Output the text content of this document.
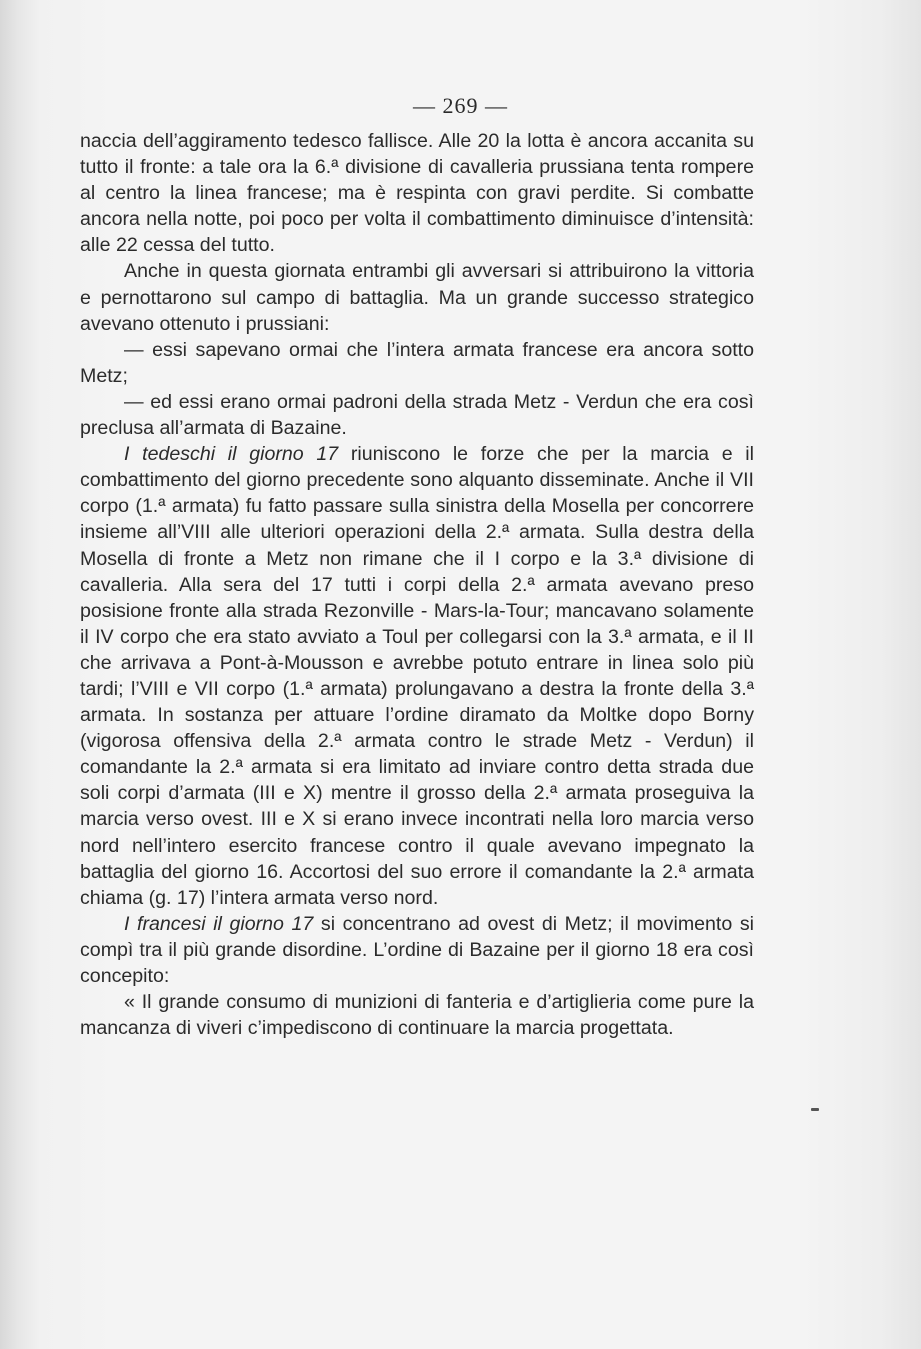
— 269 —

naccia dell’aggiramento tedesco fallisce. Alle 20 la lotta è ancora accanita su tutto il fronte: a tale ora la 6.ª divisione di cavalleria prussiana tenta rompere al centro la linea francese; ma è respinta con gravi perdite. Si combatte ancora nella notte, poi poco per volta il combattimento diminuisce d’intensità: alle 22 cessa del tutto.

Anche in questa giornata entrambi gli avversari si attribuirono la vittoria e pernottarono sul campo di battaglia. Ma un grande successo strategico avevano ottenuto i prussiani:

— essi sapevano ormai che l’intera armata francese era ancora sotto Metz;

— ed essi erano ormai padroni della strada Metz - Verdun che era così preclusa all’armata di Bazaine.

I tedeschi il giorno 17 riuniscono le forze che per la marcia e il combattimento del giorno precedente sono alquanto disseminate. Anche il VII corpo (1.ª armata) fu fatto passare sulla sinistra della Mosella per concorrere insieme all’VIII alle ulteriori operazioni della 2.ª armata. Sulla destra della Mosella di fronte a Metz non rimane che il I corpo e la 3.ª divisione di cavalleria. Alla sera del 17 tutti i corpi della 2.ª armata avevano preso posisione fronte alla strada Rezonville - Mars-la-Tour; mancavano solamente il IV corpo che era stato avviato a Toul per collegarsi con la 3.ª armata, e il II che arrivava a Pont-à-Mousson e avrebbe potuto entrare in linea solo più tardi; l’VIII e VII corpo (1.ª armata) prolungavano a destra la fronte della 3.ª armata. In sostanza per attuare l’ordine diramato da Moltke dopo Borny (vigorosa offensiva della 2.ª armata contro le strade Metz - Verdun) il comandante la 2.ª armata si era limitato ad inviare contro detta strada due soli corpi d’armata (III e X) mentre il grosso della 2.ª armata proseguiva la marcia verso ovest. III e X si erano invece incontrati nella loro marcia verso nord nell’intero esercito francese contro il quale avevano impegnato la battaglia del giorno 16. Accortosi del suo errore il comandante la 2.ª armata chiama (g. 17) l’intera armata verso nord.

I francesi il giorno 17 si concentrano ad ovest di Metz; il movimento si compì tra il più grande disordine. L’ordine di Bazaine per il giorno 18 era così concepito:

« Il grande consumo di munizioni di fanteria e d’artiglieria come pure la mancanza di viveri c’impediscono di continuare la marcia progettata.
